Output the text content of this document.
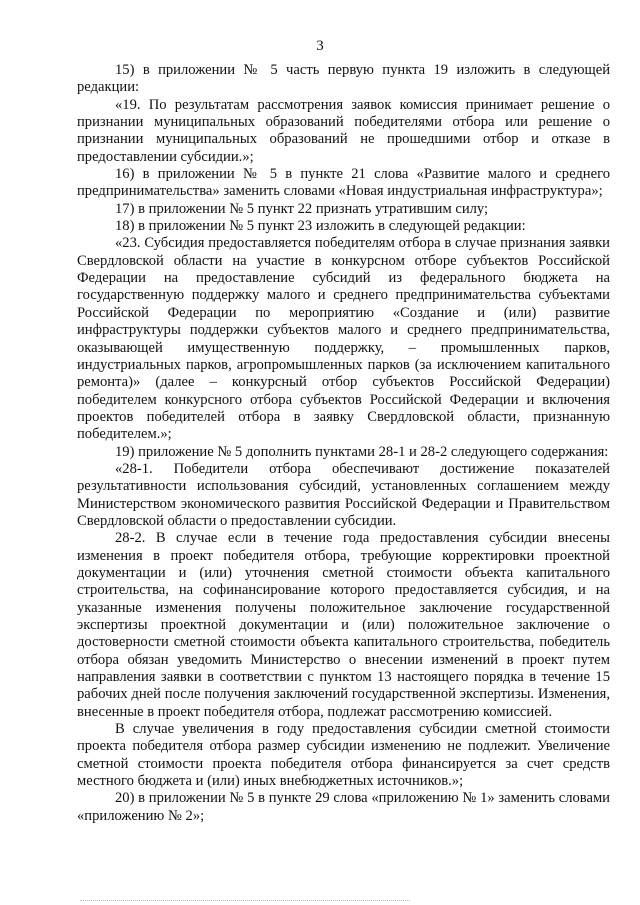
3

15) в приложении № 5 часть первую пункта 19 изложить в следующей редакции:

«19. По результатам рассмотрения заявок комиссия принимает решение о признании муниципальных образований победителями отбора или решение о признании муниципальных образований не прошедшими отбор и отказе в предоставлении субсидии.»;

16) в приложении № 5 в пункте 21 слова «Развитие малого и среднего предпринимательства» заменить словами «Новая индустриальная инфраструктура»;

17) в приложении № 5 пункт 22 признать утратившим силу;

18) в приложении № 5 пункт 23 изложить в следующей редакции:

«23. Субсидия предоставляется победителям отбора в случае признания заявки Свердловской области на участие в конкурсном отборе субъектов Российской Федерации на предоставление субсидий из федерального бюджета на государственную поддержку малого и среднего предпринимательства субъектами Российской Федерации по мероприятию «Создание и (или) развитие инфраструктуры поддержки субъектов малого и среднего предпринимательства, оказывающей имущественную поддержку, – промышленных парков, индустриальных парков, агропромышленных парков (за исключением капитального ремонта)» (далее – конкурсный отбор субъектов Российской Федерации) победителем конкурсного отбора субъектов Российской Федерации и включения проектов победителей отбора в заявку Свердловской области, признанную победителем.»;

19) приложение № 5 дополнить пунктами 28-1 и 28-2 следующего содержания:

«28-1. Победители отбора обеспечивают достижение показателей результативности использования субсидий, установленных соглашением между Министерством экономического развития Российской Федерации и Правительством Свердловской области о предоставлении субсидии.

28-2. В случае если в течение года предоставления субсидии внесены изменения в проект победителя отбора, требующие корректировки проектной документации и (или) уточнения сметной стоимости объекта капитального строительства, на софинансирование которого предоставляется субсидия, и на указанные изменения получены положительное заключение государственной экспертизы проектной документации и (или) положительное заключение о достоверности сметной стоимости объекта капитального строительства, победитель отбора обязан уведомить Министерство о внесении изменений в проект путем направления заявки в соответствии с пунктом 13 настоящего порядка в течение 15 рабочих дней после получения заключений государственной экспертизы. Изменения, внесенные в проект победителя отбора, подлежат рассмотрению комиссией.

В случае увеличения в году предоставления субсидии сметной стоимости проекта победителя отбора размер субсидии изменению не подлежит. Увеличение сметной стоимости проекта победителя отбора финансируется за счет средств местного бюджета и (или) иных внебюджетных источников.»;

20) в приложении № 5 в пункте 29 слова «приложению № 1» заменить словами «приложению № 2»;
